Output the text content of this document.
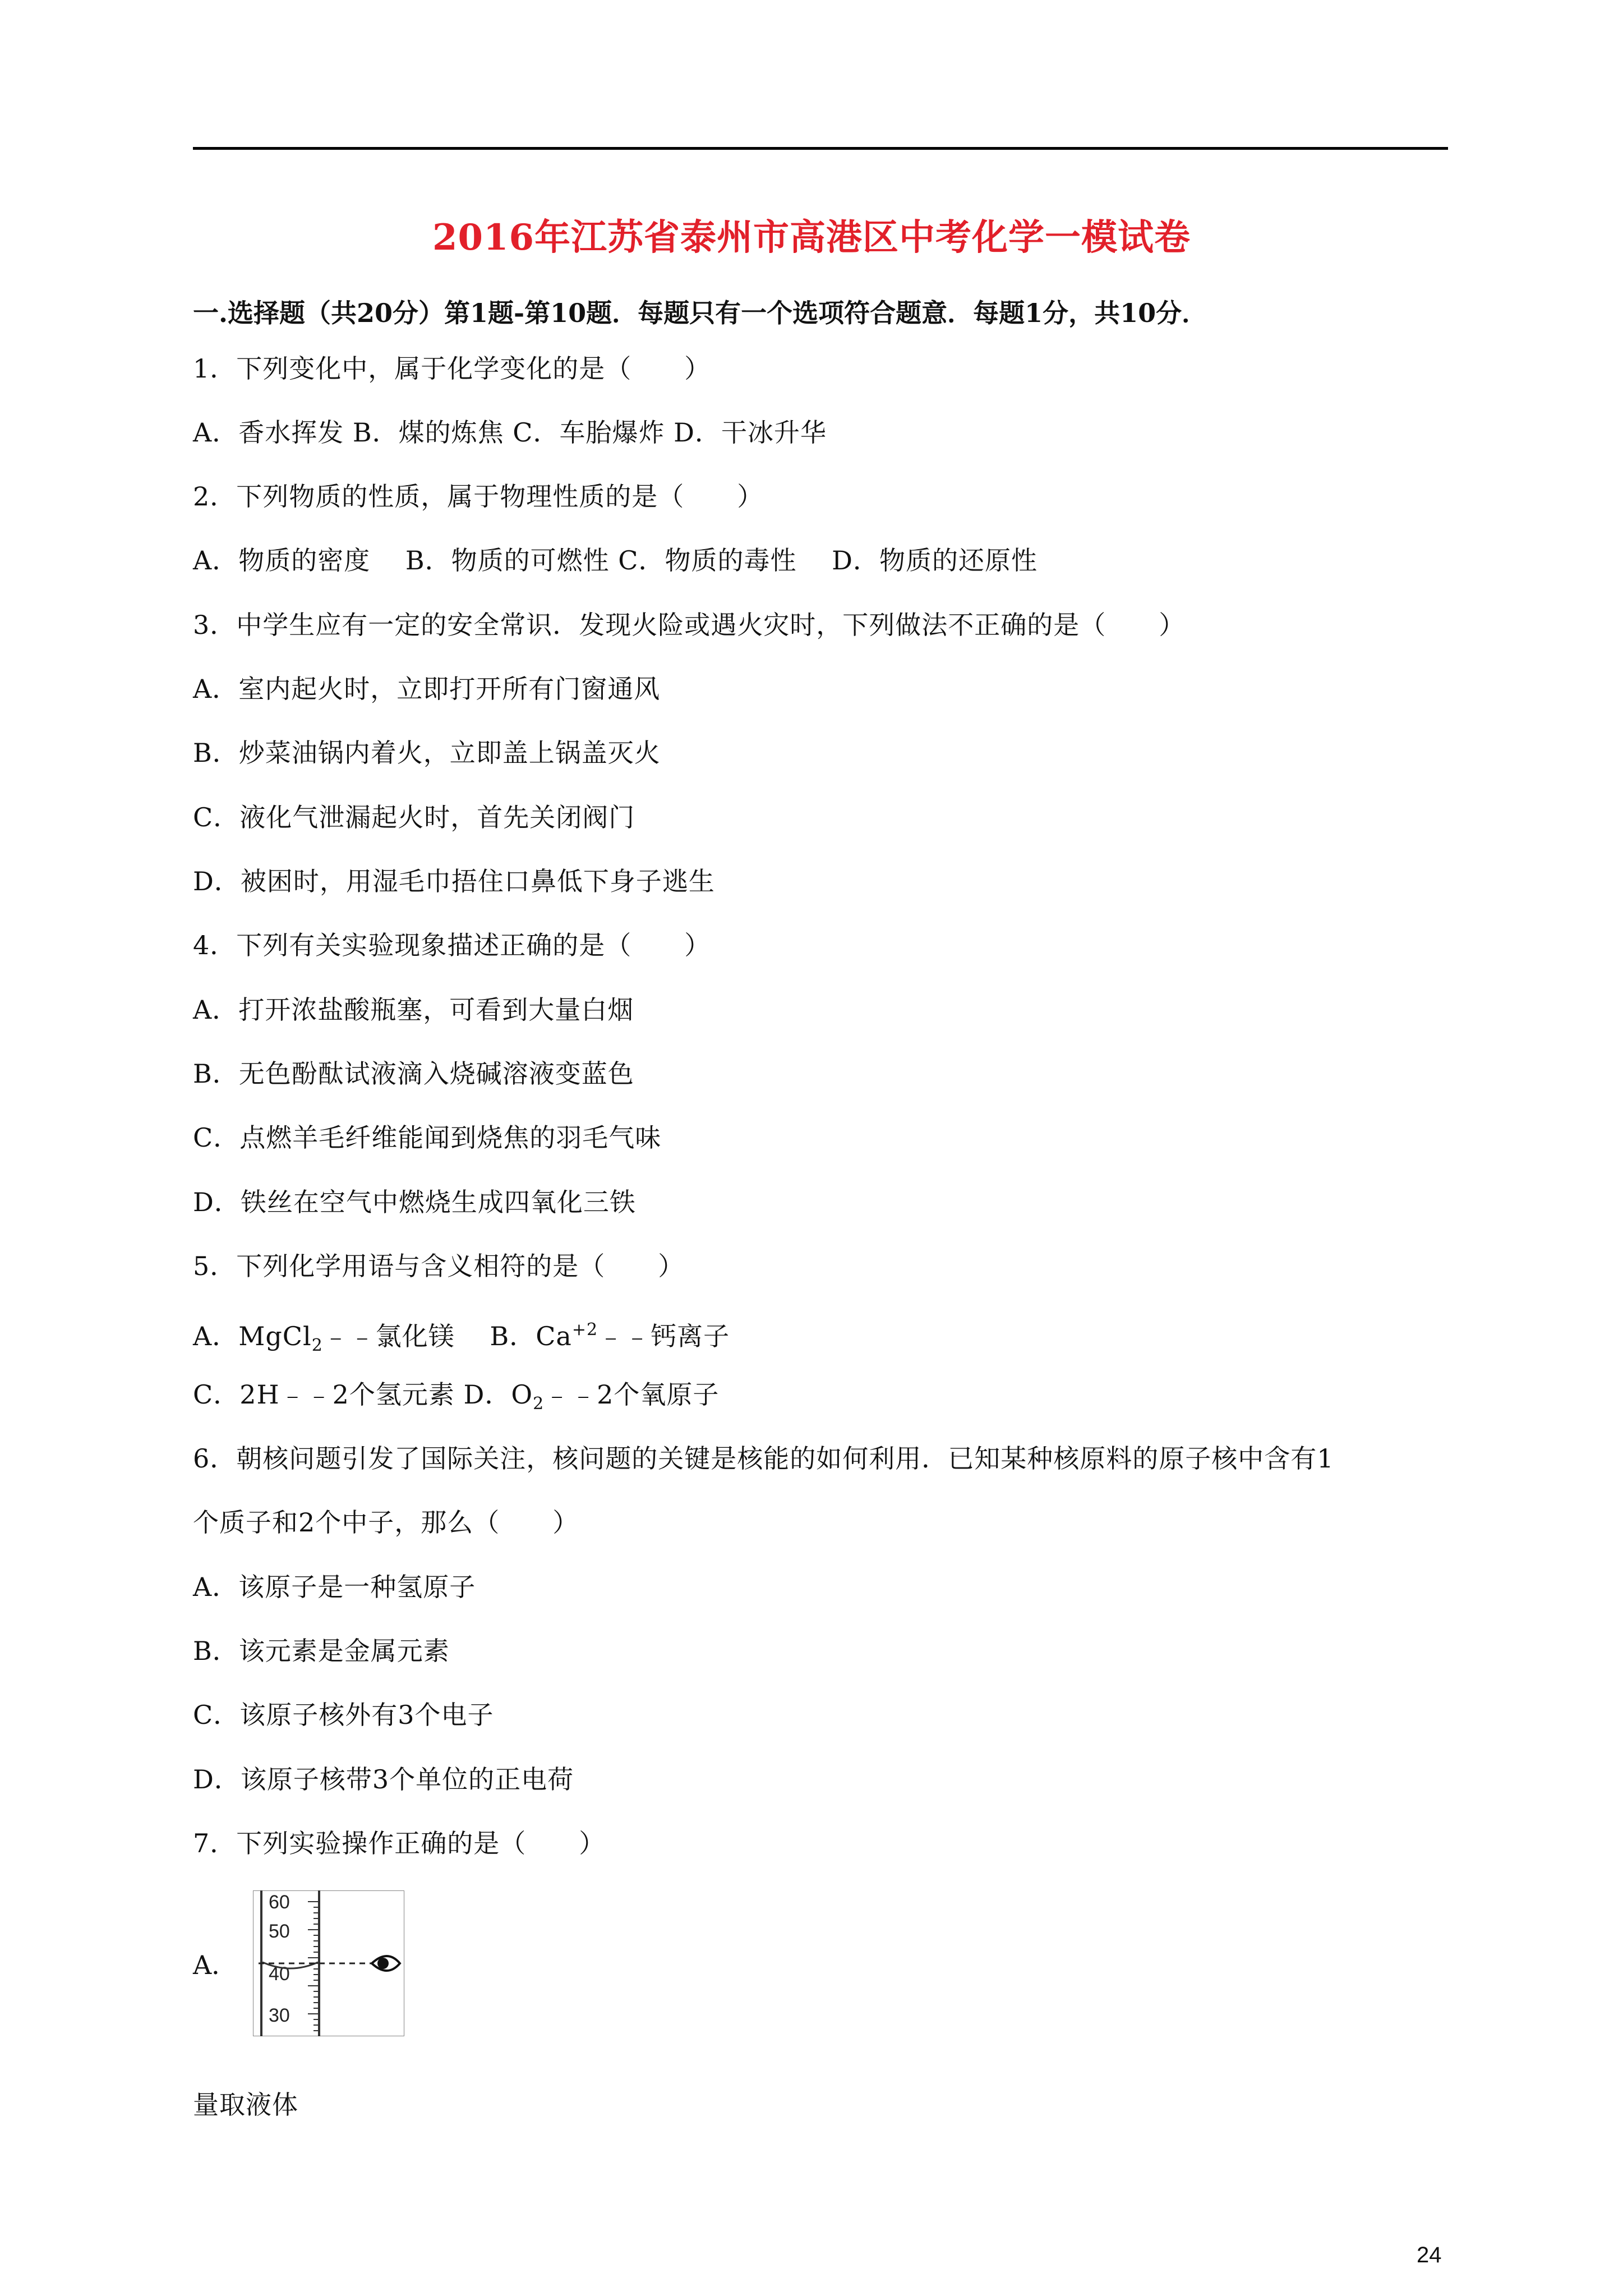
2016年江苏省泰州市高港区中考化学一模试卷
一.选择题（共20分）第1题-第10题．每题只有一个选项符合题意．每题1分，共10分．
1．下列变化中，属于化学变化的是（　　）
A．香水挥发 B．煤的炼焦 C．车胎爆炸 D．干冰升华
2．下列物质的性质，属于物理性质的是（　　）
A．物质的密度　 B．物质的可燃性 C．物质的毒性　 D．物质的还原性
3．中学生应有一定的安全常识．发现火险或遇火灾时，下列做法不正确的是（　　）
A．室内起火时，立即打开所有门窗通风
B．炒菜油锅内着火，立即盖上锅盖灭火
C．液化气泄漏起火时，首先关闭阀门
D．被困时，用湿毛巾捂住口鼻低下身子逃生
4．下列有关实验现象描述正确的是（　　）
A．打开浓盐酸瓶塞，可看到大量白烟
B．无色酚酞试液滴入烧碱溶液变蓝色
C．点燃羊毛纤维能闻到烧焦的羽毛气味
D．铁丝在空气中燃烧生成四氧化三铁
5．下列化学用语与含义相符的是（　　）
A．MgCl$_2$﹣﹣氯化镁　 B．$Ca^{+2}﹣﹣$钙离子
C．2H﹣﹣2个氢元素 D．$O_2﹣﹣2$个氧原子
6．朝核问题引发了国际关注，核问题的关键是核能的如何利用．已知某种核原料的原子核中含有1
个质子和2个中子，那么（　　）
A．该原子是一种氢原子
B．该元素是金属元素
C．该原子核外有3个电子
D．该原子核带3个单位的正电荷
7．下列实验操作正确的是（　　）
A．
60
50
40
30
量取液体
24
